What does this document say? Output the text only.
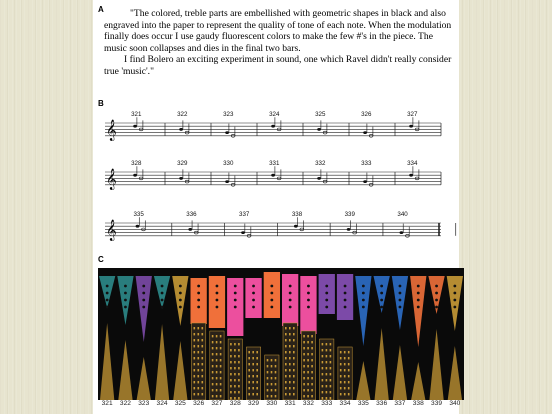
A	"The colored, treble parts are embellished with geometric shapes in black and also engraved into the paper to represent the quality of tone of each note. When the modulation finally does occur I use gaudy fluorescent colors to make the few #'s in the piece. The music soon collapses and dies in the final two bars.

I find Bolero an exciting experiment in sound, one which Ravel didn't really consider true 'music'."

B
𝄞
321	322	323	324	325	326	327
𝄞
328	329	330	331	332	333	334
𝄞
335	336	337	338	339	340
C
321 322 323 324 325 326 327 328 329 330 331 332 333 334 335 336 337 338 339 340
